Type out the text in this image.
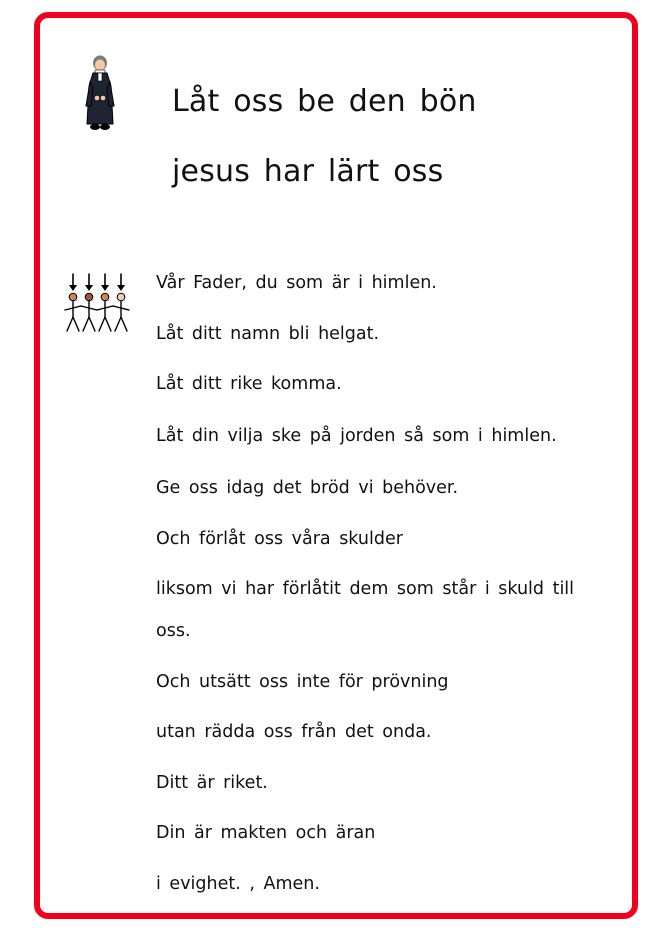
Låt oss be den bön
jesus har lärt oss
Vår Fader, du som är i himlen.
Låt ditt namn bli helgat.
Låt ditt rike komma.
Låt din vilja ske på jorden så som i himlen.
Ge oss idag det bröd vi behöver.
Och förlåt oss våra skulder
liksom vi har förlåtit dem som står i skuld till
oss.
Och utsätt oss inte för prövning
utan rädda oss från det onda.
Ditt är riket.
Din är makten och äran
i evighet. , Amen.
